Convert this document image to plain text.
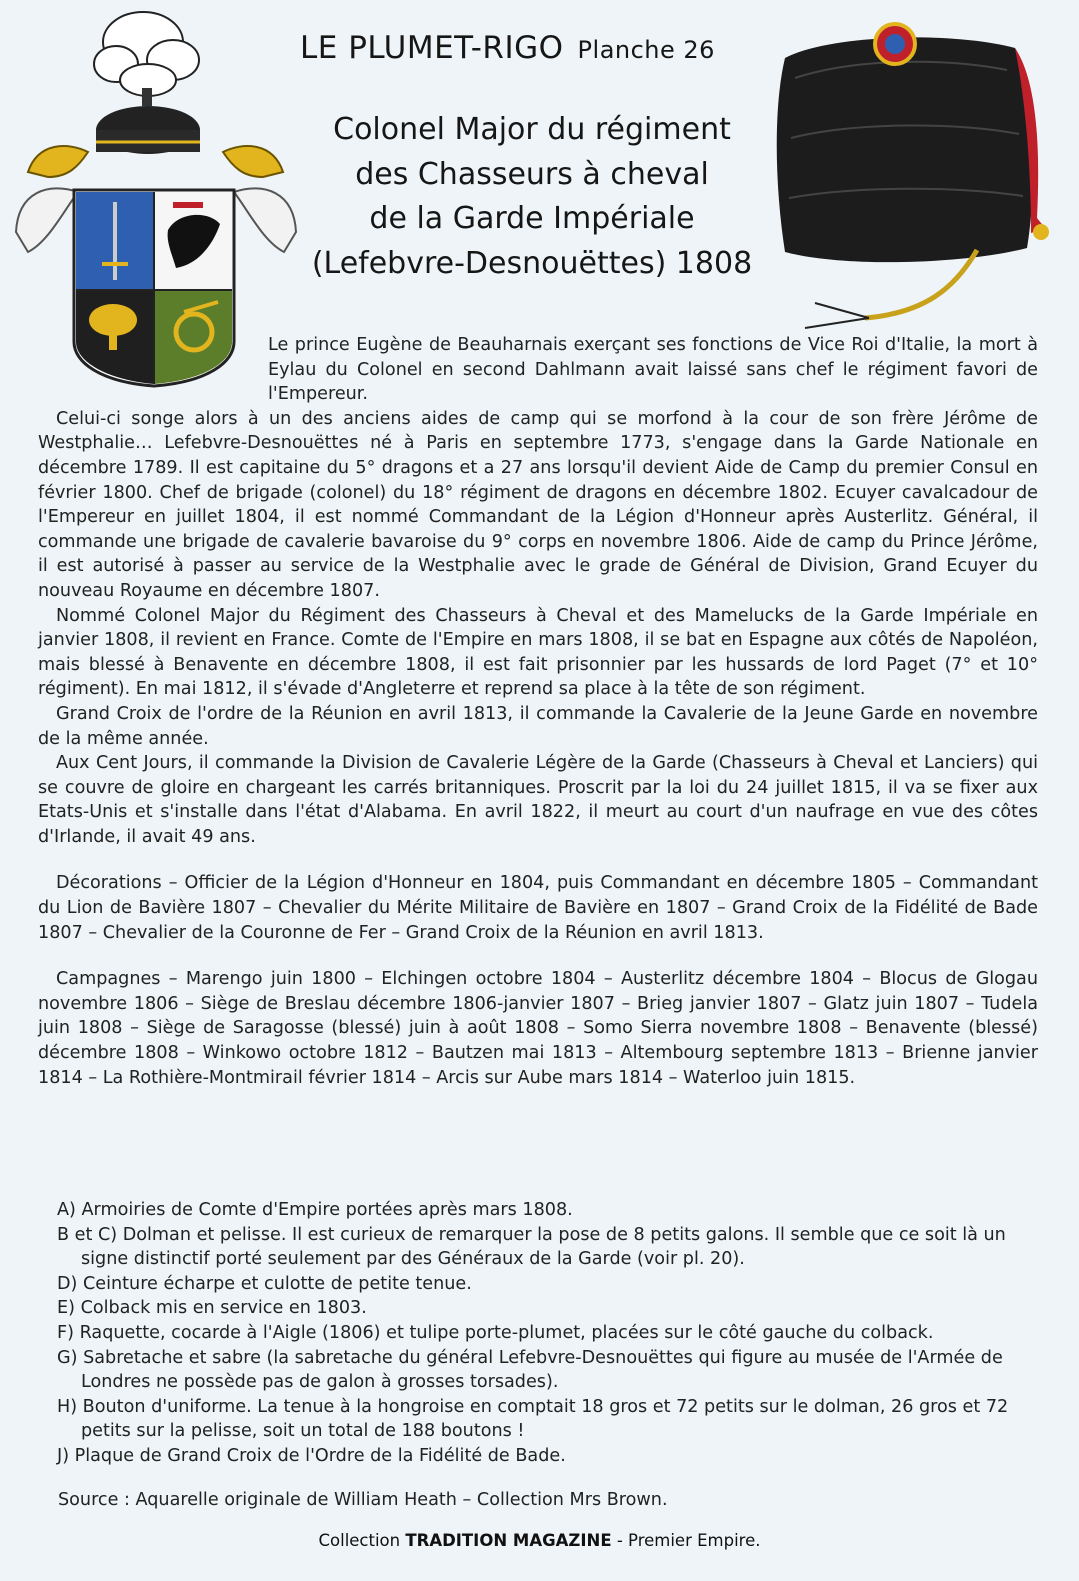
LE PLUMET-RIGO Planche 26
Colonel Major du régiment
des Chasseurs à cheval
de la Garde Impériale
(Lefebvre-Desnouëttes) 1808

Le prince Eugène de Beauharnais exerçant ses fonctions de Vice Roi d'Italie, la mort à Eylau du Colonel en second Dahlmann avait laissé sans chef le régiment favori de l'Empereur.

Celui-ci songe alors à un des anciens aides de camp qui se morfond à la cour de son frère Jérôme de Westphalie… Lefebvre-Desnouëttes né à Paris en septembre 1773, s'engage dans la Garde Nationale en décembre 1789. Il est capitaine du 5° dragons et a 27 ans lorsqu'il devient Aide de Camp du premier Consul en février 1800. Chef de brigade (colonel) du 18° régiment de dragons en décembre 1802. Ecuyer cavalcadour de l'Empereur en juillet 1804, il est nommé Commandant de la Légion d'Honneur après Austerlitz. Général, il commande une brigade de cavalerie bavaroise du 9° corps en novembre 1806. Aide de camp du Prince Jérôme, il est autorisé à passer au service de la Westphalie avec le grade de Général de Division, Grand Ecuyer du nouveau Royaume en décembre 1807.

Nommé Colonel Major du Régiment des Chasseurs à Cheval et des Mamelucks de la Garde Impériale en janvier 1808, il revient en France. Comte de l'Empire en mars 1808, il se bat en Espagne aux côtés de Napoléon, mais blessé à Benavente en décembre 1808, il est fait prisonnier par les hussards de lord Paget (7° et 10° régiment). En mai 1812, il s'évade d'Angleterre et reprend sa place à la tête de son régiment.

Grand Croix de l'ordre de la Réunion en avril 1813, il commande la Cavalerie de la Jeune Garde en novembre de la même année.

Aux Cent Jours, il commande la Division de Cavalerie Légère de la Garde (Chasseurs à Cheval et Lanciers) qui se couvre de gloire en chargeant les carrés britanniques. Proscrit par la loi du 24 juillet 1815, il va se fixer aux Etats-Unis et s'installe dans l'état d'Alabama. En avril 1822, il meurt au court d'un naufrage en vue des côtes d'Irlande, il avait 49 ans.

Décorations – Officier de la Légion d'Honneur en 1804, puis Commandant en décembre 1805 – Commandant du Lion de Bavière 1807 – Chevalier du Mérite Militaire de Bavière en 1807 – Grand Croix de la Fidélité de Bade 1807 – Chevalier de la Couronne de Fer – Grand Croix de la Réunion en avril 1813.

Campagnes – Marengo juin 1800 – Elchingen octobre 1804 – Austerlitz décembre 1804 – Blocus de Glogau novembre 1806 – Siège de Breslau décembre 1806-janvier 1807 – Brieg janvier 1807 – Glatz juin 1807 – Tudela juin 1808 – Siège de Saragosse (blessé) juin à août 1808 – Somo Sierra novembre 1808 – Benavente (blessé) décembre 1808 – Winkowo octobre 1812 – Bautzen mai 1813 – Altembourg septembre 1813 – Brienne janvier 1814 – La Rothière-Montmirail février 1814 – Arcis sur Aube mars 1814 – Waterloo juin 1815.

A) Armoiries de Comte d'Empire portées après mars 1808.

B et C) Dolman et pelisse. Il est curieux de remarquer la pose de 8 petits galons. Il semble que ce soit là un signe distinctif porté seulement par des Généraux de la Garde (voir pl. 20).

D) Ceinture écharpe et culotte de petite tenue.

E) Colback mis en service en 1803.

F) Raquette, cocarde à l'Aigle (1806) et tulipe porte-plumet, placées sur le côté gauche du colback.

G) Sabretache et sabre (la sabretache du général Lefebvre-Desnouëttes qui figure au musée de l'Armée de Londres ne possède pas de galon à grosses torsades).

H) Bouton d'uniforme. La tenue à la hongroise en comptait 18 gros et 72 petits sur le dolman, 26 gros et 72 petits sur la pelisse, soit un total de 188 boutons !

J) Plaque de Grand Croix de l'Ordre de la Fidélité de Bade.

Source : Aquarelle originale de William Heath – Collection Mrs Brown.
Collection TRADITION MAGAZINE - Premier Empire.
